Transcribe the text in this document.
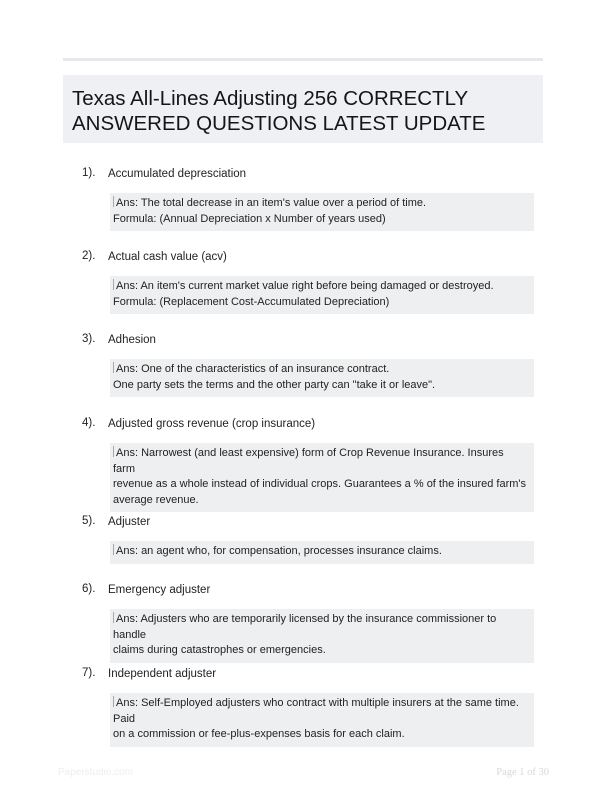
Texas All-Lines Adjusting 256 CORRECTLY
ANSWERED QUESTIONS LATEST UPDATE
1). Accumulated depresciation
Ans: The total decrease in an item's value over a period of time.
Formula: (Annual Depreciation x Number of years used)
2). Actual cash value (acv)
Ans: An item's current market value right before being damaged or destroyed.
Formula: (Replacement Cost-Accumulated Depreciation)
3). Adhesion
Ans: One of the characteristics of an insurance contract.
One party sets the terms and the other party can "take it or leave".
4). Adjusted gross revenue (crop insurance)
Ans: Narrowest (and least expensive) form of Crop Revenue Insurance. Insures farm
revenue as a whole instead of individual crops. Guarantees a % of the insured farm's
average revenue.
5). Adjuster
Ans: an agent who, for compensation, processes insurance claims.
6). Emergency adjuster
Ans: Adjusters who are temporarily licensed by the insurance commissioner to handle
claims during catastrophes or emergencies.
7). Independent adjuster
Ans: Self-Employed adjusters who contract with multiple insurers at the same time. Paid
on a commission or fee-plus-expenses basis for each claim.
Paperstudio.com	Page 1 of 30
